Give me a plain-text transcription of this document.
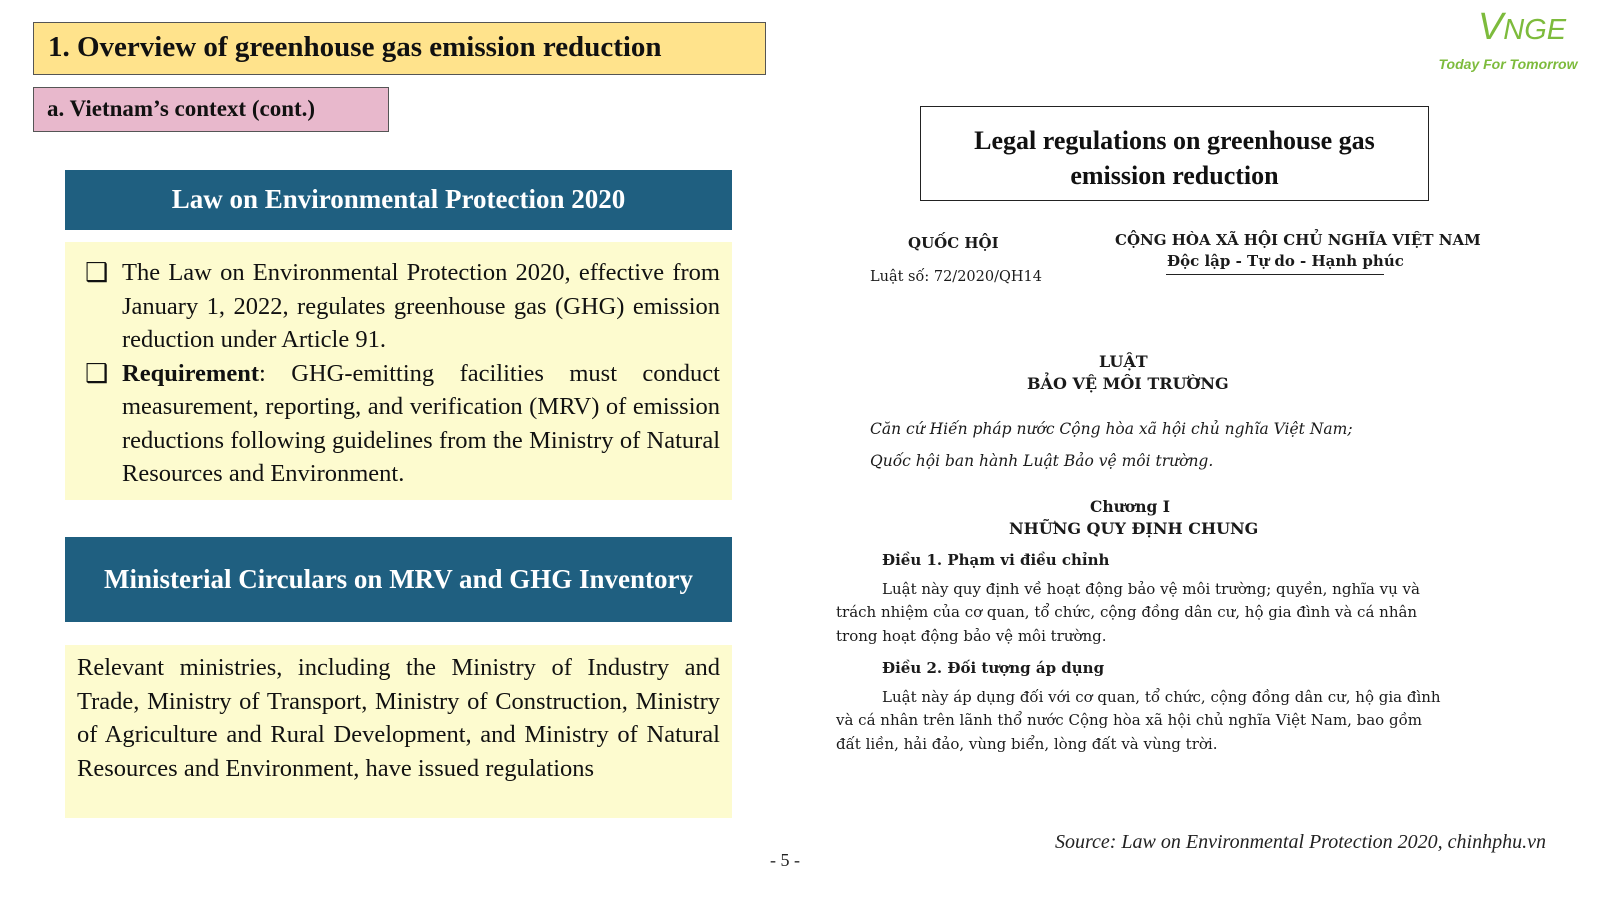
1. Overview of greenhouse gas emission reduction
a. Vietnam’s context (cont.)
VNGE
Today For Tomorrow
Law on Environmental Protection 2020
❑ The Law on Environmental Protection 2020, effective from January 1, 2022, regulates greenhouse gas (GHG) emission reduction under Article 91.
❑ Requirement: GHG-emitting facilities must conduct measurement, reporting, and verification (MRV) of emission reductions following guidelines from the Ministry of Natural Resources and Environment.
Ministerial Circulars on MRV and GHG Inventory
Relevant ministries, including the Ministry of Industry and Trade, Ministry of Transport, Ministry of Construction, Ministry of Agriculture and Rural Development, and Ministry of Natural Resources and Environment, have issued regulations
Legal regulations on greenhouse gas
emission reduction
QUỐC HỘI
Luật số: 72/2020/QH14
CỘNG HÒA XÃ HỘI CHỦ NGHĨA VIỆT NAM
Độc lập - Tự do - Hạnh phúc
LUẬT
BẢO VỆ MÔI TRƯỜNG
Căn cứ Hiến pháp nước Cộng hòa xã hội chủ nghĩa Việt Nam;
Quốc hội ban hành Luật Bảo vệ môi trường.
Chương I
NHỮNG QUY ĐỊNH CHUNG
Điều 1. Phạm vi điều chỉnh
Luật này quy định về hoạt động bảo vệ môi trường; quyền, nghĩa vụ và
trách nhiệm của cơ quan, tổ chức, cộng đồng dân cư, hộ gia đình và cá nhân
trong hoạt động bảo vệ môi trường.
Điều 2. Đối tượng áp dụng
Luật này áp dụng đối với cơ quan, tổ chức, cộng đồng dân cư, hộ gia đình
và cá nhân trên lãnh thổ nước Cộng hòa xã hội chủ nghĩa Việt Nam, bao gồm
đất liền, hải đảo, vùng biển, lòng đất và vùng trời.
Source: Law on Environmental Protection 2020, chinhphu.vn
- 5 -
